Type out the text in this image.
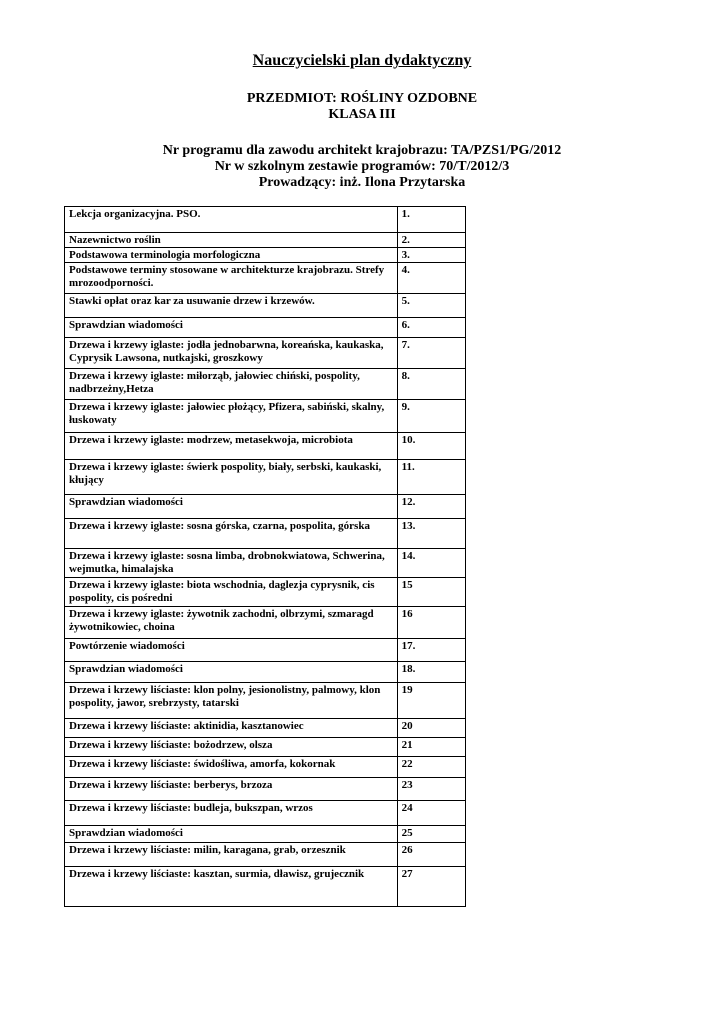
Nauczycielski plan dydaktyczny
PRZEDMIOT: ROŚLINY OZDOBNE
KLASA III
Nr programu dla zawodu architekt krajobrazu: TA/PZS1/PG/2012
Nr w szkolnym zestawie programów: 70/T/2012/3
Prowadzący: inż. Ilona Przytarska
Lekcja organizacyjna. PSO.	1.
Nazewnictwo roślin	2.
Podstawowa terminologia morfologiczna	3.
Podstawowe terminy stosowane w architekturze krajobrazu. Strefy mrozoodporności.	4.
Stawki opłat oraz kar za usuwanie drzew i krzewów.	5.
Sprawdzian wiadomości	6.
Drzewa i krzewy iglaste: jodła jednobarwna, koreańska, kaukaska, Cyprysik Lawsona, nutkajski, groszkowy	7.
Drzewa i krzewy iglaste: miłorząb, jałowiec chiński, pospolity, nadbrzeżny,Hetza	8.
Drzewa i krzewy iglaste: jałowiec płożący, Pfizera, sabiński, skalny, łuskowaty	9.
Drzewa i krzewy iglaste: modrzew, metasekwoja, microbiota	10.
Drzewa i krzewy iglaste: świerk pospolity, biały, serbski, kaukaski, kłujący	11.
Sprawdzian wiadomości	12.
Drzewa i krzewy iglaste: sosna górska, czarna, pospolita, górska	13.
Drzewa i krzewy iglaste: sosna limba, drobnokwiatowa, Schwerina, wejmutka, himalajska	14.
Drzewa i krzewy iglaste: biota wschodnia, daglezja cyprysnik, cis pospolity, cis pośredni	15
Drzewa i krzewy iglaste: żywotnik zachodni, olbrzymi, szmaragd żywotnikowiec, choina	16
Powtórzenie wiadomości	17.
Sprawdzian wiadomości	18.
Drzewa i krzewy liściaste: klon polny, jesionolistny, palmowy, klon pospolity, jawor, srebrzysty, tatarski	19
Drzewa i krzewy liściaste: aktinidia, kasztanowiec	20
Drzewa i krzewy liściaste: bożodrzew, olsza	21
Drzewa i krzewy liściaste: świdośliwa, amorfa, kokornak	22
Drzewa i krzewy liściaste: berberys, brzoza	23
Drzewa i krzewy liściaste: budleja, bukszpan, wrzos	24
Sprawdzian wiadomości	25
Drzewa i krzewy liściaste: milin, karagana, grab, orzesznik	26
Drzewa i krzewy liściaste: kasztan, surmia, dławisz, grujecznik	27
